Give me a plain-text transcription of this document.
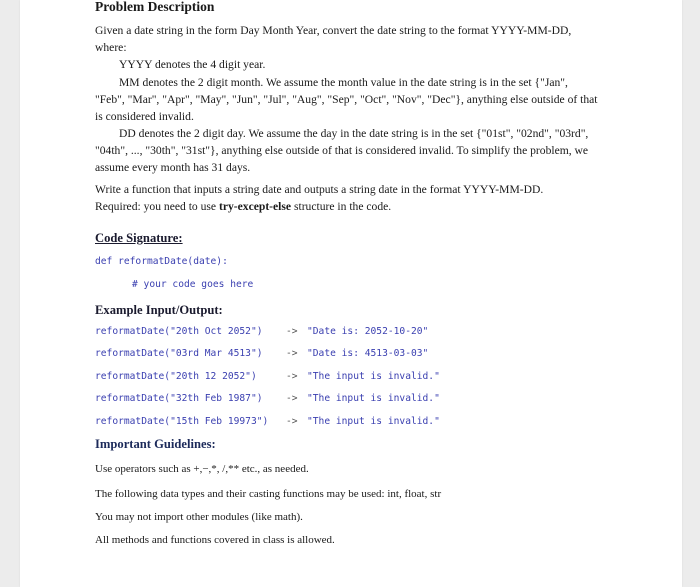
Problem Description
Given a date string in the form Day Month Year, convert the date string to the format YYYY-MM-DD, where:
YYYY denotes the 4 digit year.
MM denotes the 2 digit month. We assume the month value in the date string is in the set {"Jan", "Feb", "Mar", "Apr", "May", "Jun", "Jul", "Aug", "Sep", "Oct", "Nov", "Dec"}, anything else outside of that is considered invalid.
DD denotes the 2 digit day. We assume the day in the date string is in the set {"01st", "02nd", "03rd", "04th", ..., "30th", "31st"}, anything else outside of that is considered invalid. To simplify the problem, we assume every month has 31 days.
Write a function that inputs a string date and outputs a string date in the format YYYY-MM-DD.
Required: you need to use try-except-else structure in the code.
Code Signature:
def reformatDate(date):
# your code goes here
Example Input/Output:
reformatDate("20th Oct 2052") -> "Date is: 2052-10-20"
reformatDate("03rd Mar 4513") -> "Date is: 4513-03-03"
reformatDate("20th 12 2052")	-> "The input is invalid."
reformatDate("32th Feb 1987") -> "The input is invalid."
reformatDate("15th Feb 19973") -> "The input is invalid."
Important Guidelines:
Use operators such as +,−,*, /,** etc., as needed.
The following data types and their casting functions may be used: int, float, str
You may not import other modules (like math).
All methods and functions covered in class is allowed.
